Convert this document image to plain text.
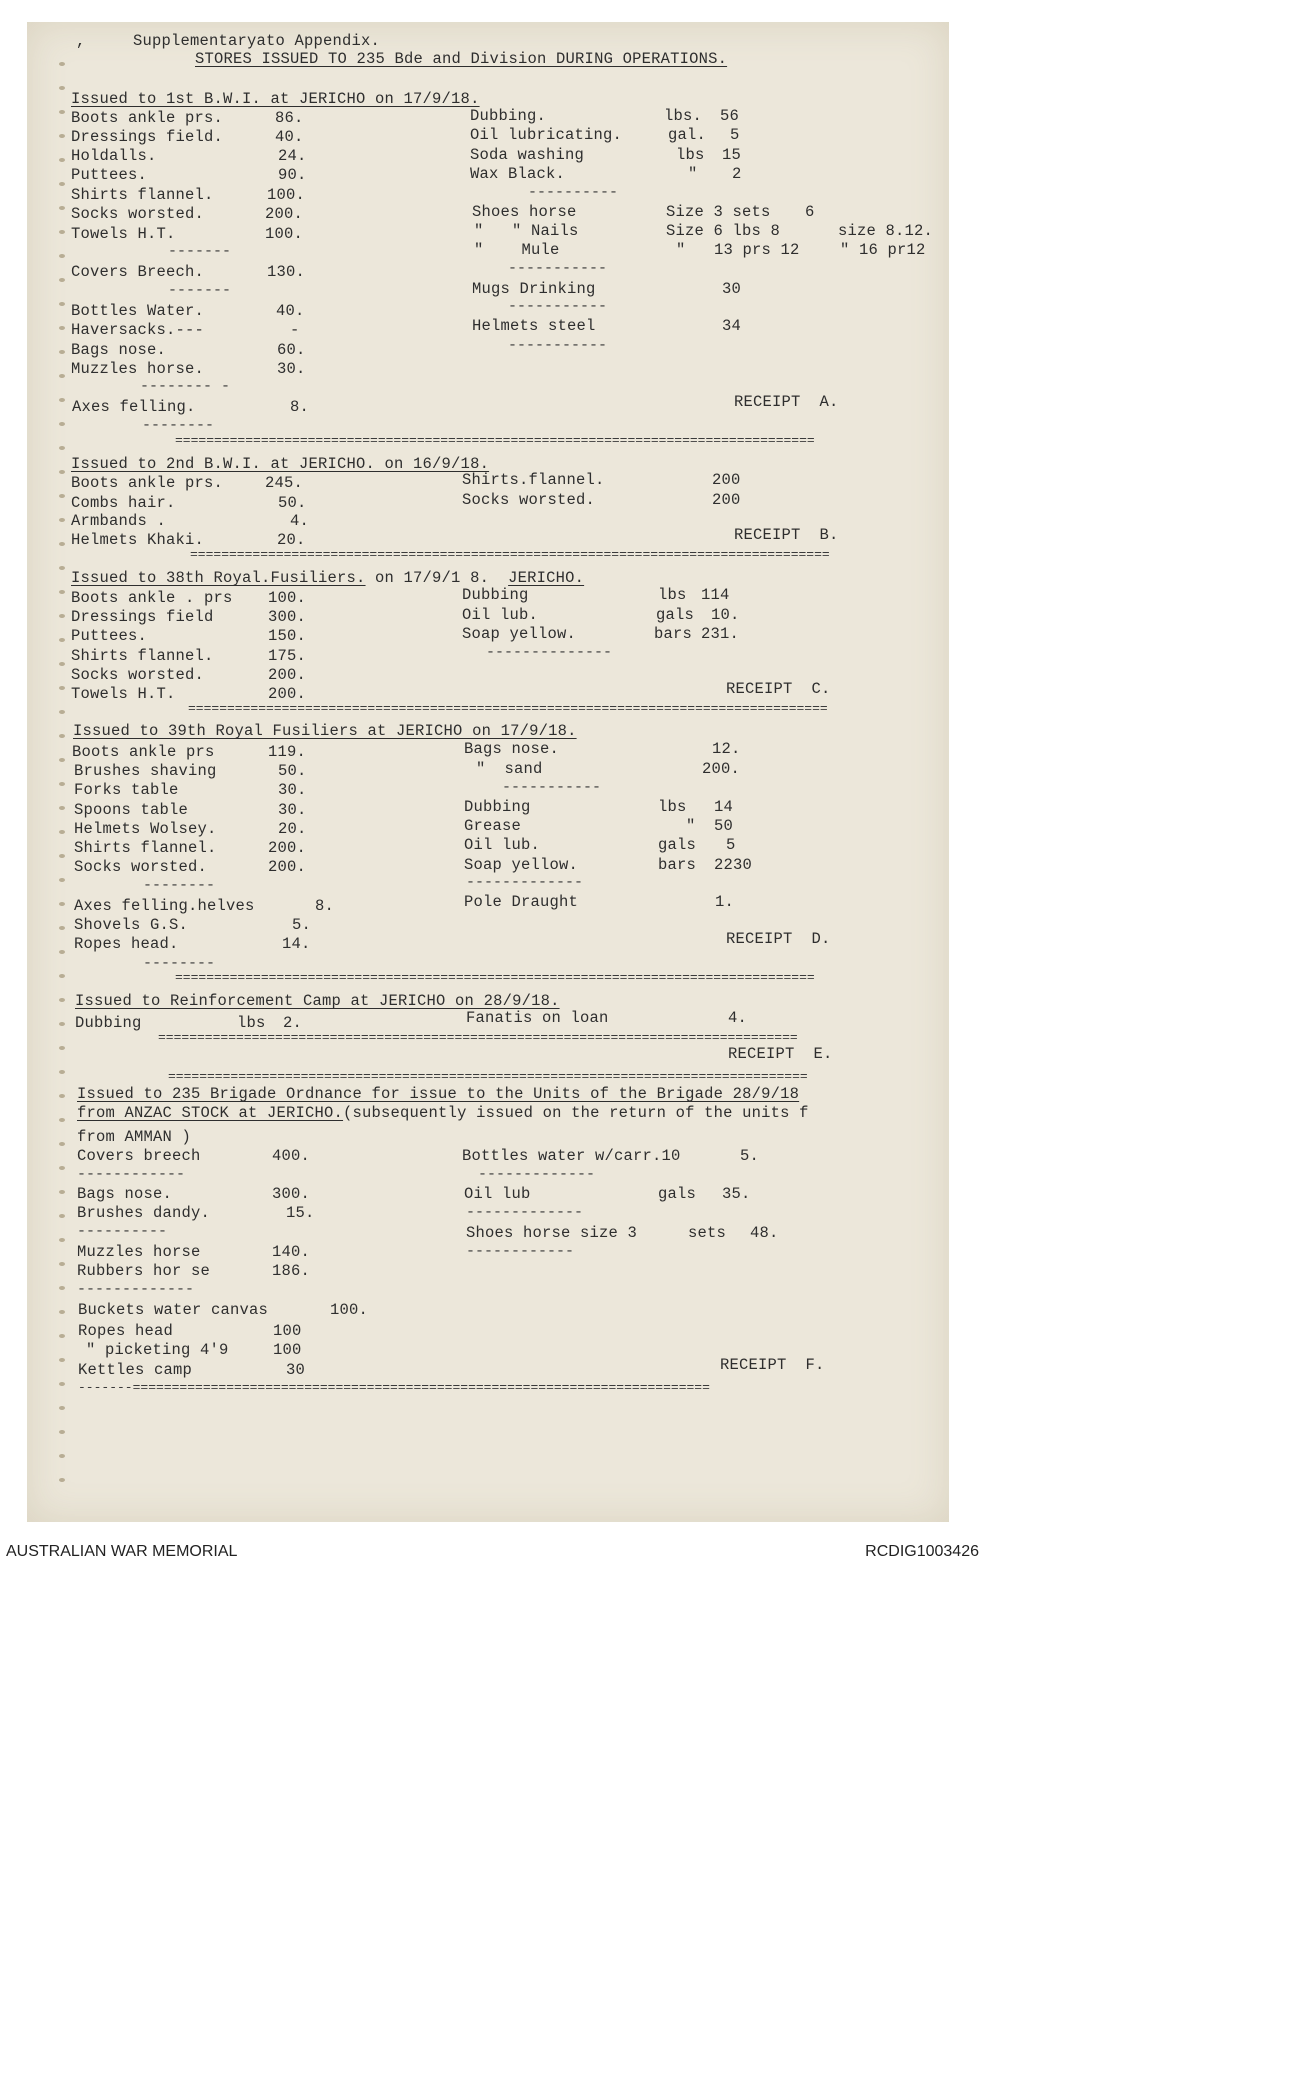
,     Supplementaryato Appendix.
STORES ISSUED TO 235 Bde and Division DURING OPERATIONS.
Issued to 1st B.W.I. at JERICHO on 17/9/18.
Boots ankle prs.	86.
Dressings field.	40.
Holdalls.	24.
Puttees.	90.
Shirts flannel.	100.
Socks worsted.	200.
Towels H.T.	100.
-------
Covers Breech.	130.
-------
Bottles Water.	40.
Haversacks.---	-
Bags nose.	60.
Muzzles horse.	30.
-------- -
Axes felling.	8.
--------
Dubbing.	lbs. 56
Oil lubricating.	gal. 5
Soda washing	lbs 15
Wax Black.	" 2
----------
Shoes horse	Size 3 sets 6
"   " Nails	Size 6 lbs 8	size 8.12.
"    Mule	"   13 prs 12	" 16 pr12
-----------
Mugs Drinking	30
-----------
Helmets steel	34
-----------
RECEIPT  A.
==================================================================================
Issued to 2nd B.W.I. at JERICHO. on 16/9/18.
Boots ankle prs.	245.
Combs hair.	50.
Armbands .	4.
Helmets Khaki.	20.
Shirts.flannel.	200
Socks worsted.	200
RECEIPT  B.
==================================================================================
Issued to 38th Royal.Fusiliers. on 17/9/1 8. JERICHO.
Boots ankle . prs 100.
Dressings field	300.
Puttees.	150.
Shirts flannel.	175.
Socks worsted.	200.
Towels H.T.	200.
Dubbing	lbs 114
Oil lub.	gals 10.
Soap yellow.	bars 231.
--------------
RECEIPT  C.
==================================================================================
Issued to 39th Royal Fusiliers at JERICHO on 17/9/18.
Boots ankle prs	119.
Brushes shaving	50.
Forks table	30.
Spoons table	30.
Helmets Wolsey.	20.
Shirts flannel.	200.
Socks worsted.	200.
--------
Axes felling.helves	8.
Shovels G.S.	5.
Ropes head.	14.
--------
Bags nose.	12.
"  sand	200.
-----------
Dubbing	lbs 14
Grease	" 50
Oil lub.	gals 5
Soap yellow.	bars 2230
-------------
Pole Draught	1.
RECEIPT  D.
==================================================================================
Issued to Reinforcement Camp at JERICHO on 28/9/18.
Dubbing	lbs 2.	Fanatis on loan	4.
==================================================================================
RECEIPT  E.
==================================================================================
Issued to 235 Brigade Ordnance for issue to the Units of the Brigade 28/9/18
from ANZAC STOCK at JERICHO.(subsequently issued on the return of the units f
from AMMAN )
Covers breech	400.
------------
Bags nose.	300.
Brushes dandy.	15.
----------
Muzzles horse	140.
Rubbers hor se	186.
-------------
Buckets water canvas	100.
Ropes head	100
" picketing 4'9	100
Kettles camp	30
Bottles water w/carr.10	5.
-------------
Oil lub	gals 35.
-------------
Shoes horse size 3	sets 48.
------------
RECEIPT  F.
-------==========================================================================
AUSTRALIAN WAR MEMORIAL	RCDIG1003426
